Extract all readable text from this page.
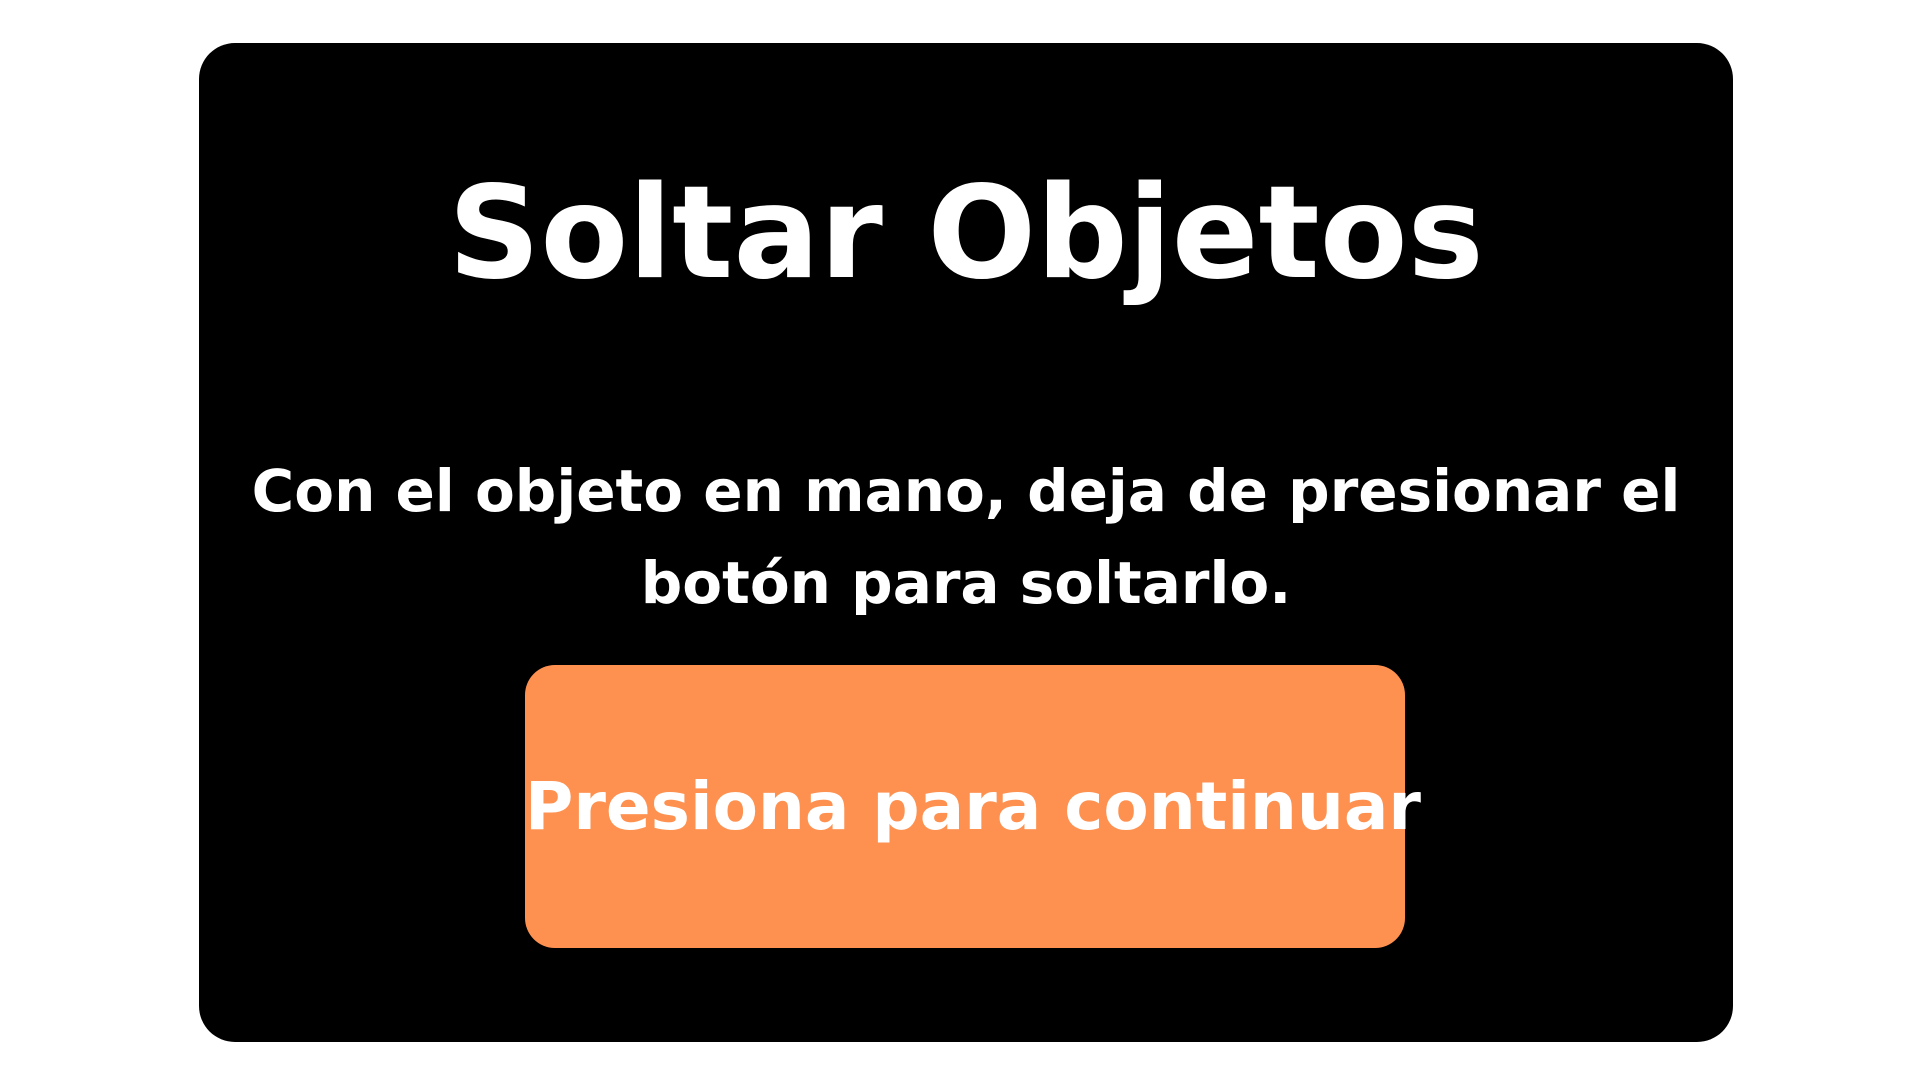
Soltar Objetos

Con el objeto en mano, deja de presionar el botón para soltarlo.

Presiona para continuar
